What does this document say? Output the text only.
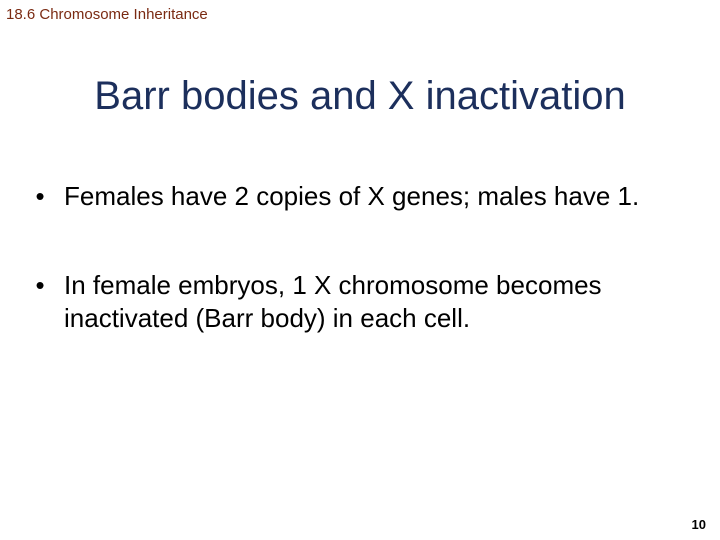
18.6 Chromosome Inheritance
Barr bodies and X inactivation
• Females have 2 copies of X genes; males have 1.
• In female embryos, 1 X chromosome becomes inactivated (Barr body) in each cell.
10
